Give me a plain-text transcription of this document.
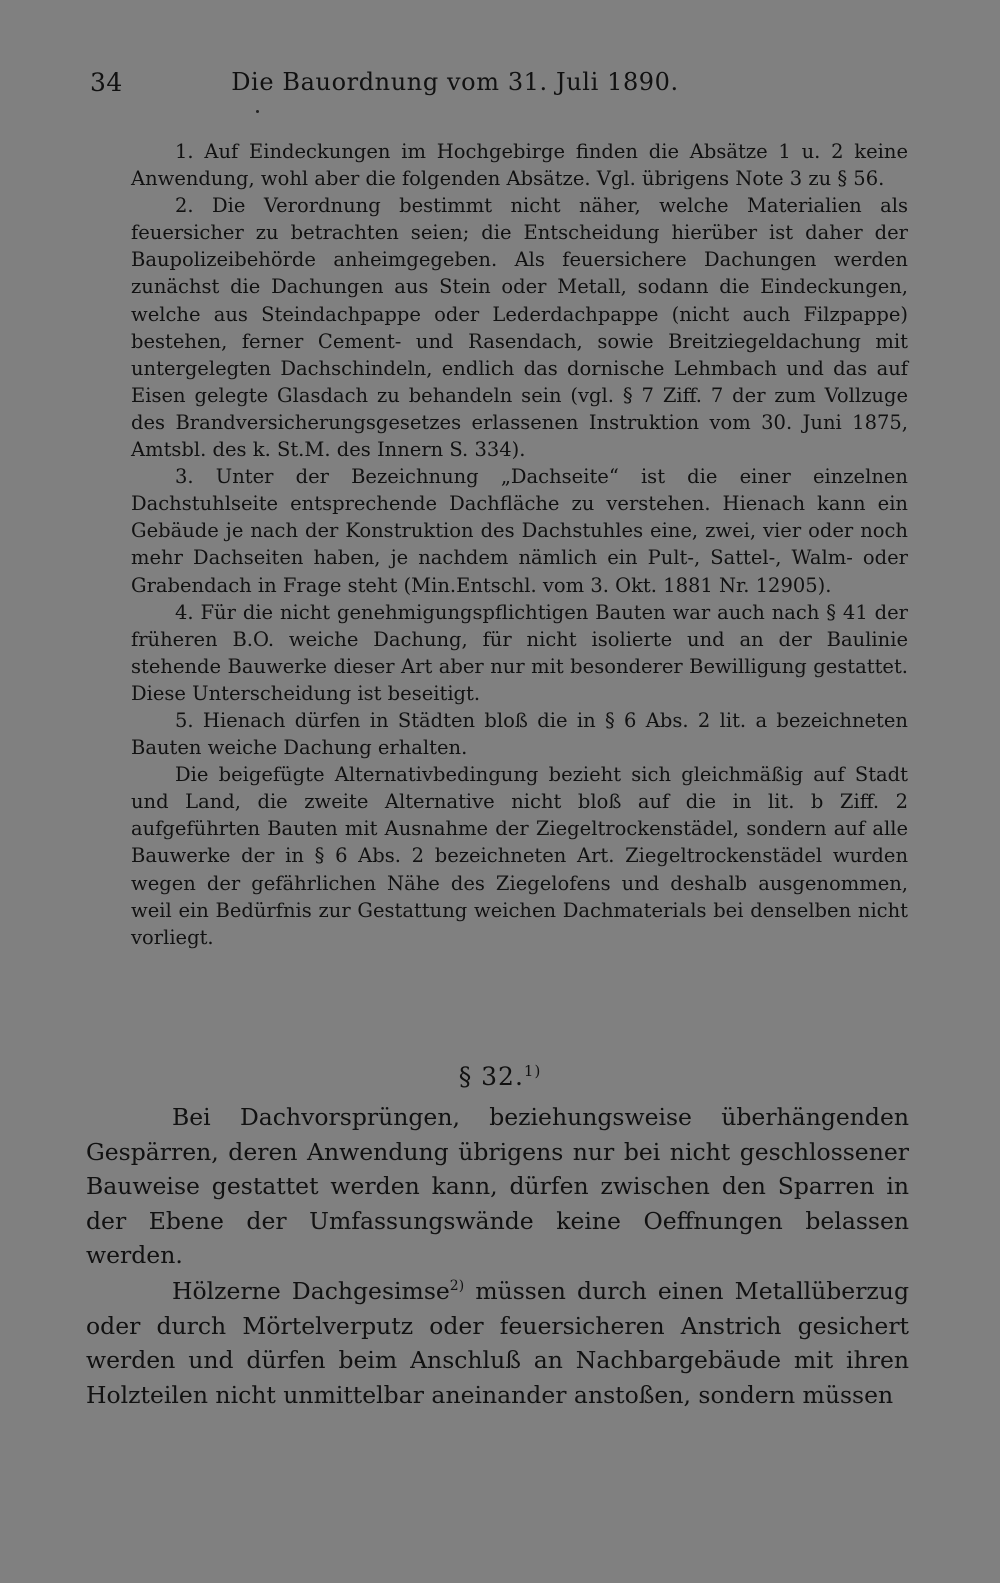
34	Die Bauordnung vom 31. Juli 1890.

1. Auf Eindeckungen im Hochgebirge finden die Absätze 1 u. 2 keine Anwendung, wohl aber die folgenden Absätze. Vgl. übrigens Note 3 zu § 56.

2. Die Verordnung bestimmt nicht näher, welche Materialien als feuersicher zu betrachten seien; die Entscheidung hierüber ist daher der Baupolizeibehörde anheimgegeben. Als feuersichere Dachungen werden zunächst die Dachungen aus Stein oder Metall, sodann die Eindeckungen, welche aus Steindachpappe oder Lederdachpappe (nicht auch Filzpappe) bestehen, ferner Cement- und Rasendach, sowie Breitziegeldachung mit untergelegten Dachschindeln, endlich das dornische Lehmbach und das auf Eisen gelegte Glasdach zu behandeln sein (vgl. § 7 Ziff. 7 der zum Vollzuge des Brandversicherungsgesetzes erlassenen Instruktion vom 30. Juni 1875, Amtsbl. des k. St.M. des Innern S. 334).

3. Unter der Bezeichnung „Dachseite“ ist die einer einzelnen Dachstuhlseite entsprechende Dachfläche zu verstehen. Hienach kann ein Gebäude je nach der Konstruktion des Dachstuhles eine, zwei, vier oder noch mehr Dachseiten haben, je nachdem nämlich ein Pult-, Sattel-, Walm- oder Grabendach in Frage steht (Min.Entschl. vom 3. Okt. 1881 Nr. 12905).

4. Für die nicht genehmigungspflichtigen Bauten war auch nach § 41 der früheren B.O. weiche Dachung, für nicht isolierte und an der Baulinie stehende Bauwerke dieser Art aber nur mit besonderer Bewilligung gestattet. Diese Unterscheidung ist beseitigt.

5. Hienach dürfen in Städten bloß die in § 6 Abs. 2 lit. a bezeichneten Bauten weiche Dachung erhalten.

Die beigefügte Alternativbedingung bezieht sich gleichmäßig auf Stadt und Land, die zweite Alternative nicht bloß auf die in lit. b Ziff. 2 aufgeführten Bauten mit Ausnahme der Ziegeltrockenstädel, sondern auf alle Bauwerke der in § 6 Abs. 2 bezeichneten Art. Ziegeltrockenstädel wurden wegen der gefährlichen Nähe des Ziegelofens und deshalb ausgenommen, weil ein Bedürfnis zur Gestattung weichen Dachmaterials bei denselben nicht vorliegt.

§ 32.$^{1)}$

Bei Dachvorsprüngen, beziehungsweise überhängenden Gespärren, deren Anwendung übrigens nur bei nicht geschlossener Bauweise gestattet werden kann, dürfen zwischen den Sparren in der Ebene der Umfassungswände keine Oeffnungen belassen werden.

Hölzerne Dachgesimse$^{2)}$ müssen durch einen Metallüberzug oder durch Mörtelverputz oder feuersicheren Anstrich gesichert werden und dürfen beim Anschluß an Nachbargebäude mit ihren Holzteilen nicht unmittelbar aneinander anstoßen, sondern müssen
